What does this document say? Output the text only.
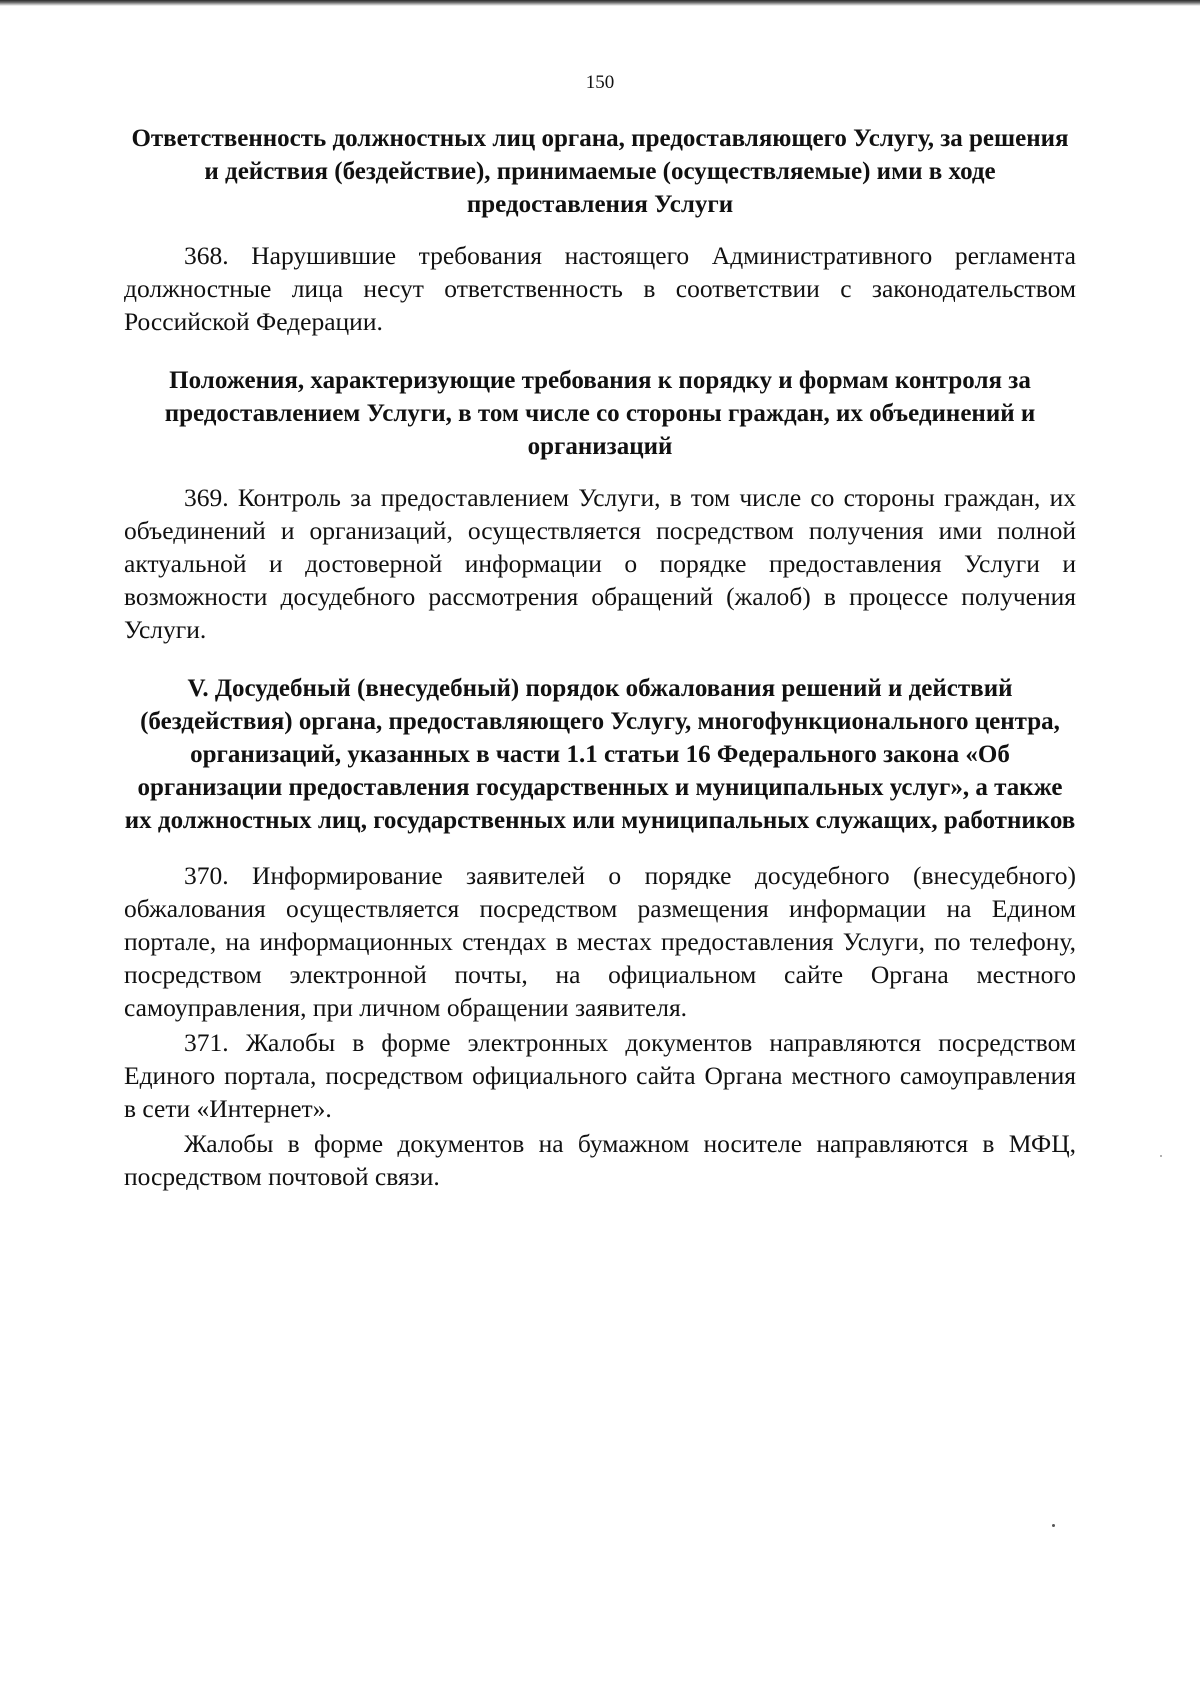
150
Ответственность должностных лиц органа, предоставляющего Услугу, за решения и действия (бездействие), принимаемые (осуществляемые) ими в ходе предоставления Услуги

368. Нарушившие требования настоящего Административного регламента должностные лица несут ответственность в соответствии с законодательством Российской Федерации.

Положения, характеризующие требования к порядку и формам контроля за предоставлением Услуги, в том числе со стороны граждан, их объединений и организаций

369. Контроль за предоставлением Услуги, в том числе со стороны граждан, их объединений и организаций, осуществляется посредством получения ими полной актуальной и достоверной информации о порядке предоставления Услуги и возможности досудебного рассмотрения обращений (жалоб) в процессе получения Услуги.

V. Досудебный (внесудебный) порядок обжалования решений и действий (бездействия) органа, предоставляющего Услугу, многофункционального центра, организаций, указанных в части 1.1 статьи 16 Федерального закона «Об организации предоставления государственных и муниципальных услуг», а также их должностных лиц, государственных или муниципальных служащих, работников

370. Информирование заявителей о порядке досудебного (внесудебного) обжалования осуществляется посредством размещения информации на Едином портале, на информационных стендах в местах предоставления Услуги, по телефону, посредством электронной почты, на официальном сайте Органа местного самоуправления, при личном обращении заявителя.

371. Жалобы в форме электронных документов направляются посредством Единого портала, посредством официального сайта Органа местного самоуправления в сети «Интернет».

Жалобы в форме документов на бумажном носителе направляются в МФЦ, посредством почтовой связи.
